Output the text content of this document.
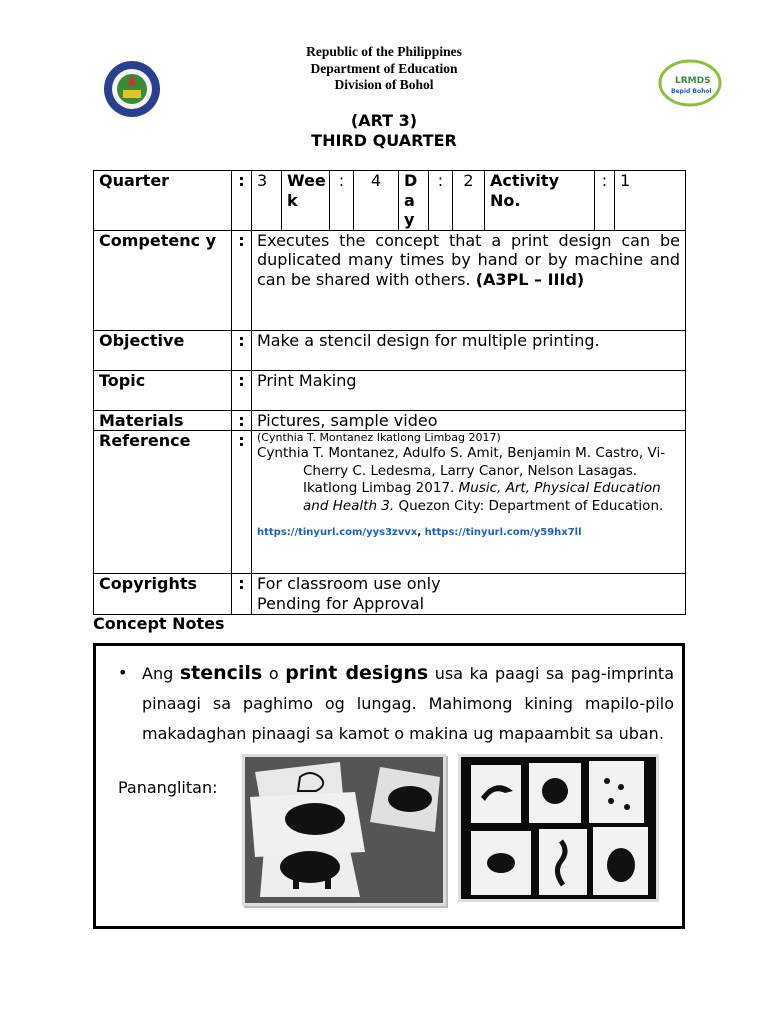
Republic of the Philippines
Department of Education
Division of Bohol	LRMDS
Bepid Bohol
(ART 3)
THIRD QUARTER
Quarter	:	3	Wee k	:	4	Da y	:	2	Activity No.	:	1
Competenc y	:	Executes the concept that a print design can be duplicated many times by hand or by machine and can be shared with others. (A3PL – IIId)									
Objective	:	Make a stencil design for multiple printing.									
Topic	:	Print Making									
Materials	:	Pictures, sample video									
Reference	:	(Cynthia T. Montanez Ikatlong Limbag 2017)
Cynthia T. Montanez, Adulfo S. Amit, Benjamin M. Castro, Vi-Cherry C. Ledesma, Larry Canor, Nelson Lasagas. Ikatlong Limbag 2017. Music, Art, Physical Education and Health 3. Quezon City: Department of Education.
https://tinyurl.com/yys3zvvx, https://tinyurl.com/y59hx7ll									

Copyrights	:	For classroom use only
Pending for Approval									
Concept Notes
• Ang stencils o print designs usa ka paagi sa pag-imprinta pinaagi sa paghimo og lungag. Mahimong kining mapilo-pilo makadaghan pinaagi sa kamot o makina ug mapaambit sa uban.
Pananglitan:
